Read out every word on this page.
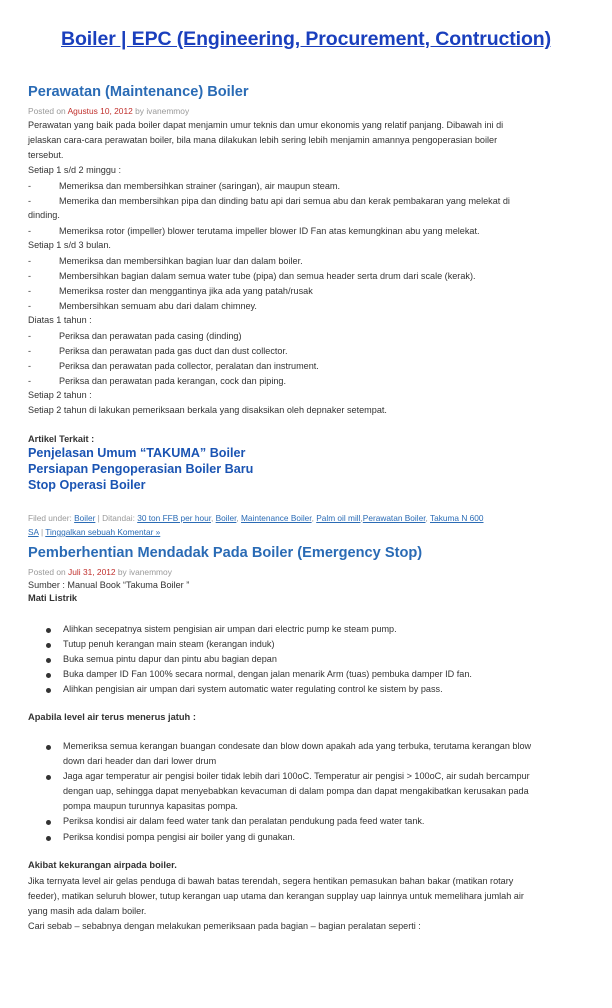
Boiler | EPC (Engineering, Procurement, Contruction)
Perawatan (Maintenance) Boiler
Posted on Agustus 10, 2012 by ivanemmoy
Perawatan yang baik pada boiler dapat menjamin umur teknis dan umur ekonomis yang relatif panjang. Dibawah ini di
jelaskan cara-cara perawatan boiler, bila mana dilakukan lebih sering lebih menjamin amannya pengoperasian boiler
tersebut.
Setiap 1 s/d 2 minggu :
-	Memeriksa dan membersihkan strainer (saringan), air maupun steam.
-	Memerika dan membersihkan pipa dan dinding batu api dari semua abu dan kerak pembakaran yang melekat di
dinding.
-	Memeriksa rotor (impeller) blower terutama impeller blower ID Fan atas kemungkinan abu yang melekat.
Setiap 1 s/d 3 bulan.
-	Memeriksa dan membersihkan bagian luar dan dalam boiler.
-	Membersihkan bagian dalam semua water tube (pipa) dan semua header serta drum dari scale (kerak).
-	Memeriksa roster dan menggantinya jika ada yang patah/rusak
-	Membersihkan semuam abu dari dalam chimney.
Diatas 1 tahun :
-	Periksa dan perawatan pada casing (dinding)
-	Periksa dan perawatan pada gas duct dan dust collector.
-	Periksa dan perawatan pada collector, peralatan dan instrument.
-	Periksa dan perawatan pada kerangan, cock dan piping.
Setiap 2 tahun :
Setiap 2 tahun di lakukan pemeriksaan berkala yang disaksikan oleh depnaker setempat.
Artikel Terkait :
Penjelasan Umum “TAKUMA” Boiler
Persiapan Pengoperasian Boiler Baru
Stop Operasi Boiler
Filed under: Boiler | Ditandai: 30 ton FFB per hour, Boiler, Maintenance Boiler, Palm oil mill,Perawatan Boiler, Takuma N 600
SA | Tinggalkan sebuah Komentar »
Pemberhentian Mendadak Pada Boiler (Emergency Stop)
Posted on Juli 31, 2012 by ivanemmoy
Sumber : Manual Book “Takuma Boiler ”
Mati Listrik
Alihkan secepatnya sistem pengisian air umpan dari electric pump ke steam pump.
Tutup penuh kerangan main steam (kerangan induk)
Buka semua pintu dapur dan pintu abu bagian depan
Buka damper ID Fan 100% secara normal, dengan jalan menarik Arm (tuas) pembuka damper ID fan.
Alihkan pengisian air umpan dari system automatic water regulating control ke sistem by pass.
Apabila level air terus menerus jatuh :
Memeriksa semua kerangan buangan condesate dan blow down apakah ada yang terbuka, terutama kerangan blow
down dari header dan dari lower drum
Jaga agar temperatur air pengisi boiler tidak lebih dari 100oC. Temperatur air pengisi > 100oC, air sudah bercampur
dengan uap, sehingga dapat menyebabkan kevacuman di dalam pompa dan dapat mengakibatkan kerusakan pada
pompa maupun turunnya kapasitas pompa.
Periksa kondisi air dalam feed water tank dan peralatan pendukung pada feed water tank.
Periksa kondisi pompa pengisi air boiler yang di gunakan.
Akibat kekurangan airpada boiler.
Jika ternyata level air gelas penduga di bawah batas terendah, segera hentikan pemasukan bahan bakar (matikan rotary
feeder), matikan seluruh blower, tutup kerangan uap utama dan kerangan supplay uap lainnya untuk memelihara jumlah air
yang masih ada dalam boiler.
Cari sebab – sebabnya dengan melakukan pemeriksaan pada bagian – bagian peralatan seperti :
